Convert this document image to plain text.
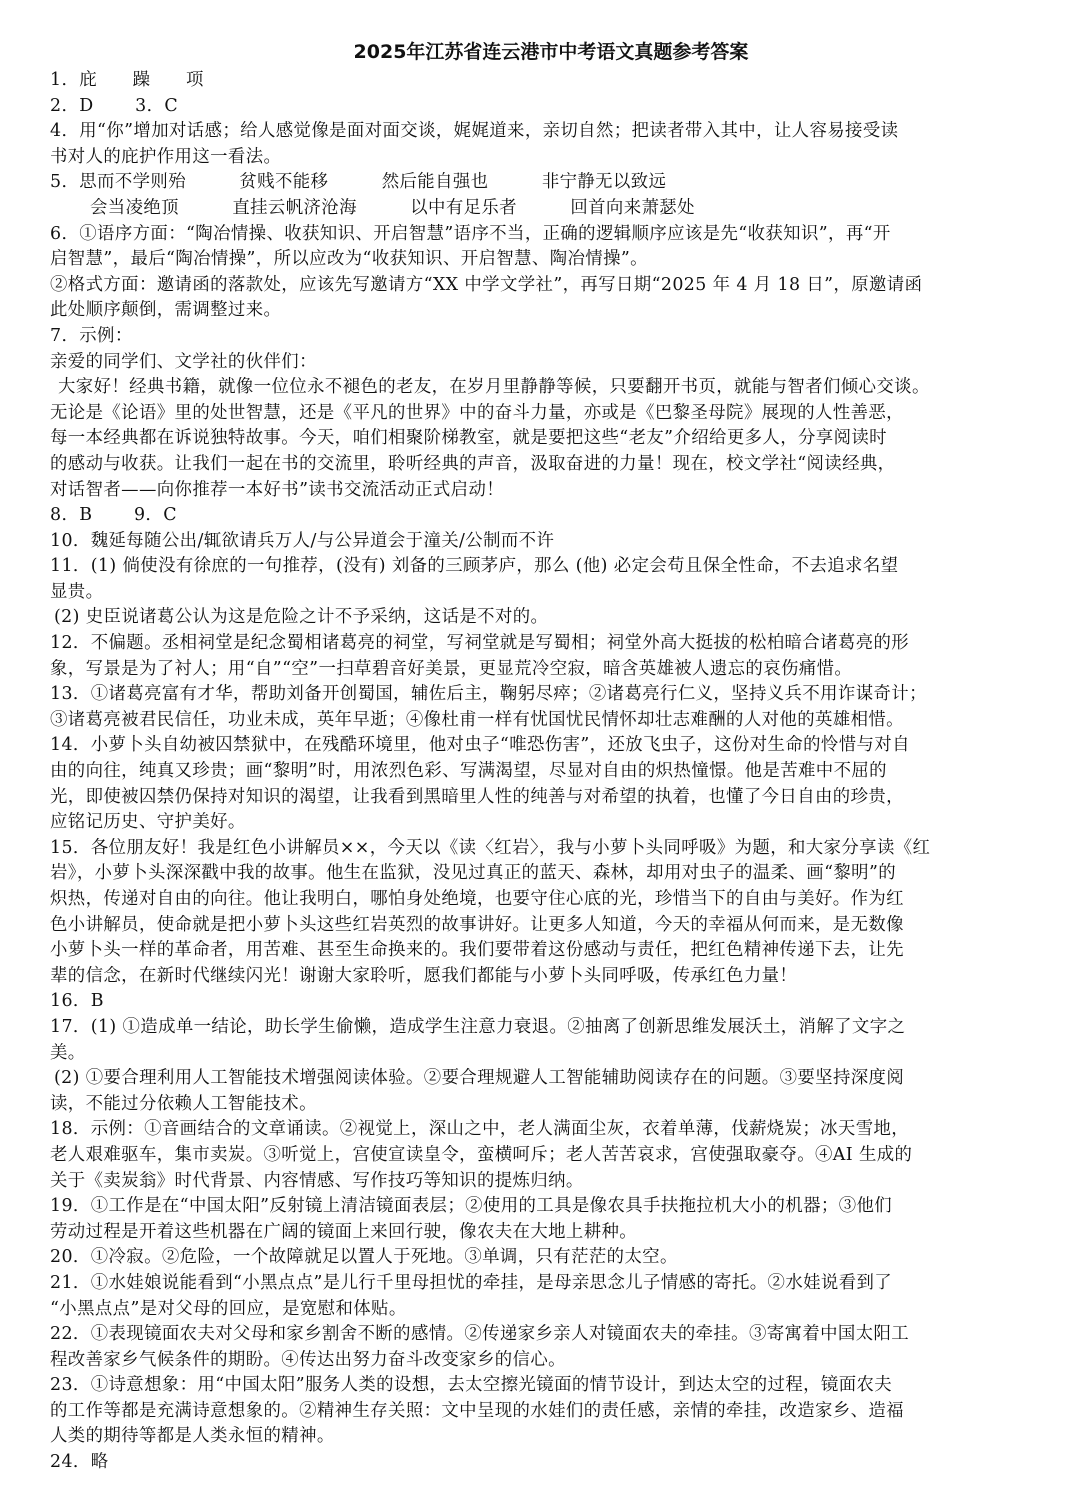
2025年江苏省连云港市中考语文真题参考答案
1．庇　　躁　　项
2．D　　 3．C
4．用“你”增加对话感；给人感觉像是面对面交谈，娓娓道来，亲切自然；把读者带入其中，让人容易接受读
书对人的庇护作用这一看法。
5．思而不学则殆　　　贫贱不能移　　　然后能自强也　　　非宁静无以致远
会当凌绝顶　　　直挂云帆济沧海　　　以中有足乐者　　　回首向来萧瑟处
6．①语序方面：“陶冶情操、收获知识、开启智慧”语序不当，正确的逻辑顺序应该是先“收获知识”，再“开
启智慧”，最后“陶冶情操”，所以应改为“收获知识、开启智慧、陶冶情操”。
②格式方面：邀请函的落款处，应该先写邀请方“XX 中学文学社”，再写日期“2025 年 4 月 18 日”，原邀请函
此处顺序颠倒，需调整过来。
7．示例：
亲爱的同学们、文学社的伙伴们：
大家好！经典书籍，就像一位位永不褪色的老友，在岁月里静静等候，只要翻开书页，就能与智者们倾心交谈。
无论是《论语》里的处世智慧，还是《平凡的世界》中的奋斗力量，亦或是《巴黎圣母院》展现的人性善恶，
每一本经典都在诉说独特故事。今天，咱们相聚阶梯教室，就是要把这些“老友”介绍给更多人，分享阅读时
的感动与收获。让我们一起在书的交流里，聆听经典的声音，汲取奋进的力量！现在，校文学社“阅读经典，
对话智者——向你推荐一本好书”读书交流活动正式启动！
8．B　　 9．C
10．魏延每随公出/辄欲请兵万人/与公异道会于潼关/公制而不许
11．(1) 倘使没有徐庶的一句推荐，(没有) 刘备的三顾茅庐，那么 (他) 必定会苟且保全性命，不去追求名望
显贵。
(2) 史臣说诸葛公认为这是危险之计不予采纳，这话是不对的。
12．不偏题。丞相祠堂是纪念蜀相诸葛亮的祠堂，写祠堂就是写蜀相；祠堂外高大挺拔的松柏暗合诸葛亮的形
象，写景是为了衬人；用“自”“空”一扫草碧音好美景，更显荒冷空寂，暗含英雄被人遗忘的哀伤痛惜。
13．①诸葛亮富有才华，帮助刘备开创蜀国，辅佐后主，鞠躬尽瘁；②诸葛亮行仁义，坚持义兵不用诈谋奇计；
③诸葛亮被君民信任，功业未成，英年早逝；④像杜甫一样有忧国忧民情怀却壮志难酬的人对他的英雄相惜。
14．小萝卜头自幼被囚禁狱中，在残酷环境里，他对虫子“唯恐伤害”，还放飞虫子，这份对生命的怜惜与对自
由的向往，纯真又珍贵；画“黎明”时，用浓烈色彩、写满渴望，尽显对自由的炽热憧憬。他是苦难中不屈的
光，即使被囚禁仍保持对知识的渴望，让我看到黑暗里人性的纯善与对希望的执着，也懂了今日自由的珍贵，
应铭记历史、守护美好。
15．各位朋友好！我是红色小讲解员××，今天以《读〈红岩〉，我与小萝卜头同呼吸》为题，和大家分享读《红
岩》，小萝卜头深深戳中我的故事。他生在监狱，没见过真正的蓝天、森林，却用对虫子的温柔、画“黎明”的
炽热，传递对自由的向往。他让我明白，哪怕身处绝境，也要守住心底的光，珍惜当下的自由与美好。作为红
色小讲解员，使命就是把小萝卜头这些红岩英烈的故事讲好。让更多人知道，今天的幸福从何而来，是无数像
小萝卜头一样的革命者，用苦难、甚至生命换来的。我们要带着这份感动与责任，把红色精神传递下去，让先
辈的信念，在新时代继续闪光！谢谢大家聆听，愿我们都能与小萝卜头同呼吸，传承红色力量！
16．B
17．(1) ①造成单一结论，助长学生偷懒，造成学生注意力衰退。②抽离了创新思维发展沃土，消解了文字之
美。
(2) ①要合理利用人工智能技术增强阅读体验。②要合理规避人工智能辅助阅读存在的问题。③要坚持深度阅
读，不能过分依赖人工智能技术。
18．示例：①音画结合的文章诵读。②视觉上，深山之中，老人满面尘灰，衣着单薄，伐薪烧炭；冰天雪地，
老人艰难驱车，集市卖炭。③听觉上，宫使宣读皇令，蛮横呵斥；老人苦苦哀求，宫使强取豪夺。④AI 生成的
关于《卖炭翁》时代背景、内容情感、写作技巧等知识的提炼归纳。
19．①工作是在“中国太阳”反射镜上清洁镜面表层；②使用的工具是像农具手扶拖拉机大小的机器；③他们
劳动过程是开着这些机器在广阔的镜面上来回行驶，像农夫在大地上耕种。
20．①冷寂。②危险，一个故障就足以置人于死地。③单调，只有茫茫的太空。
21．①水娃娘说能看到“小黑点点”是儿行千里母担忧的牵挂，是母亲思念儿子情感的寄托。②水娃说看到了
“小黑点点”是对父母的回应，是宽慰和体贴。
22．①表现镜面农夫对父母和家乡割舍不断的感情。②传递家乡亲人对镜面农夫的牵挂。③寄寓着中国太阳工
程改善家乡气候条件的期盼。④传达出努力奋斗改变家乡的信心。
23．①诗意想象：用“中国太阳”服务人类的设想，去太空擦光镜面的情节设计，到达太空的过程，镜面农夫
的工作等都是充满诗意想象的。②精神生存关照：文中呈现的水娃们的责任感，亲情的牵挂，改造家乡、造福
人类的期待等都是人类永恒的精神。
24．略
